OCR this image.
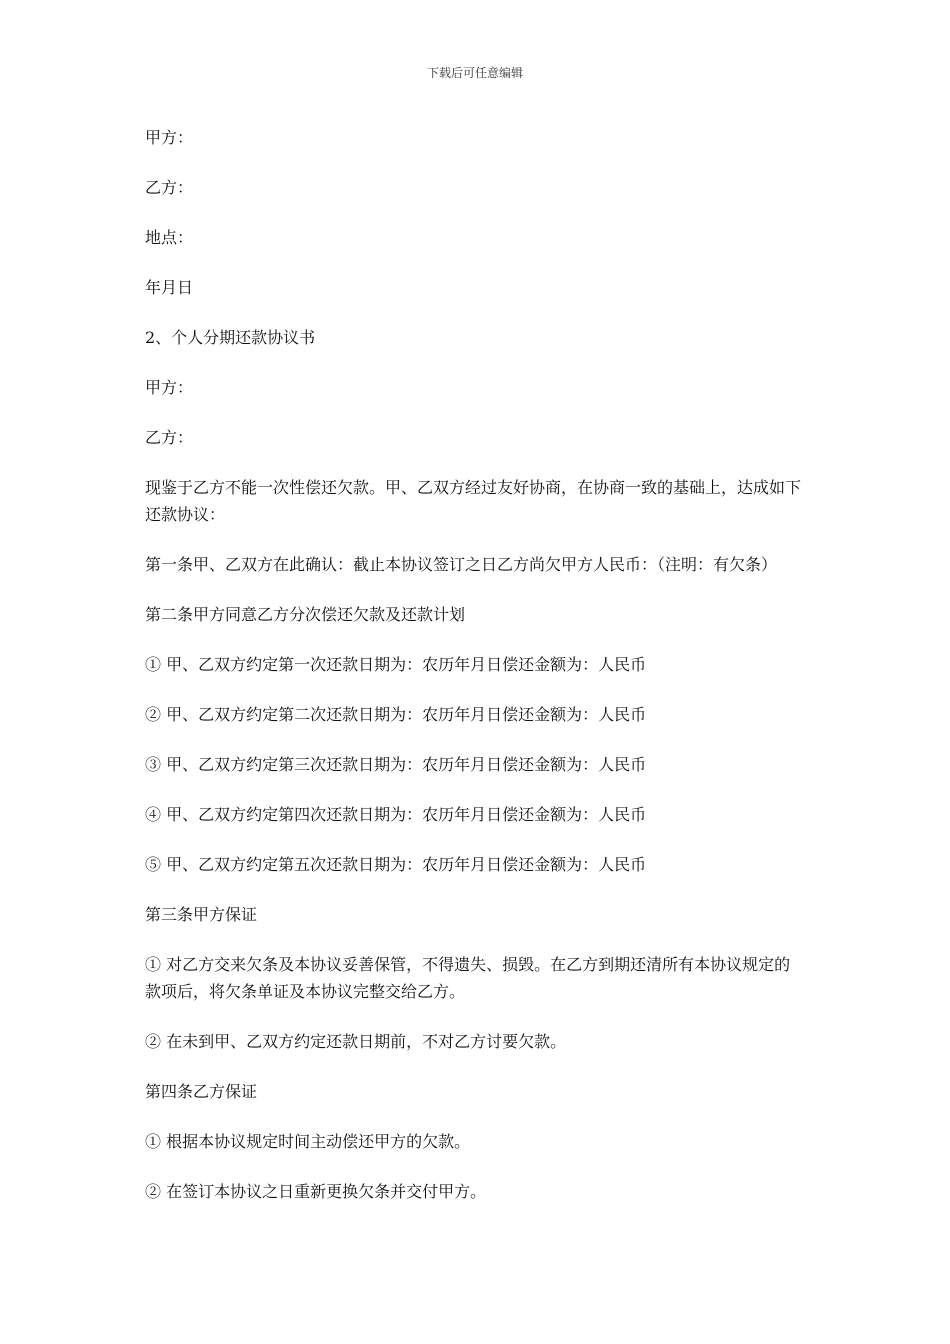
下载后可任意编辑

甲方：

乙方：

地点：

年月日

2、个人分期还款协议书

甲方：

乙方：

现鉴于乙方不能一次性偿还欠款。甲、乙双方经过友好协商，在协商一致的基础上，达成如下还款协议：

第一条甲、乙双方在此确认：截止本协议签订之日乙方尚欠甲方人民币：（注明：有欠条）

第二条甲方同意乙方分次偿还欠款及还款计划

① 甲、乙双方约定第一次还款日期为：农历年月日偿还金额为：人民币

② 甲、乙双方约定第二次还款日期为：农历年月日偿还金额为：人民币

③ 甲、乙双方约定第三次还款日期为：农历年月日偿还金额为：人民币

④ 甲、乙双方约定第四次还款日期为：农历年月日偿还金额为：人民币

⑤ 甲、乙双方约定第五次还款日期为：农历年月日偿还金额为：人民币

第三条甲方保证

① 对乙方交来欠条及本协议妥善保管，不得遗失、损毁。在乙方到期还清所有本协议规定的款项后，将欠条单证及本协议完整交给乙方。

② 在未到甲、乙双方约定还款日期前，不对乙方讨要欠款。

第四条乙方保证

① 根据本协议规定时间主动偿还甲方的欠款。

② 在签订本协议之日重新更换欠条并交付甲方。
